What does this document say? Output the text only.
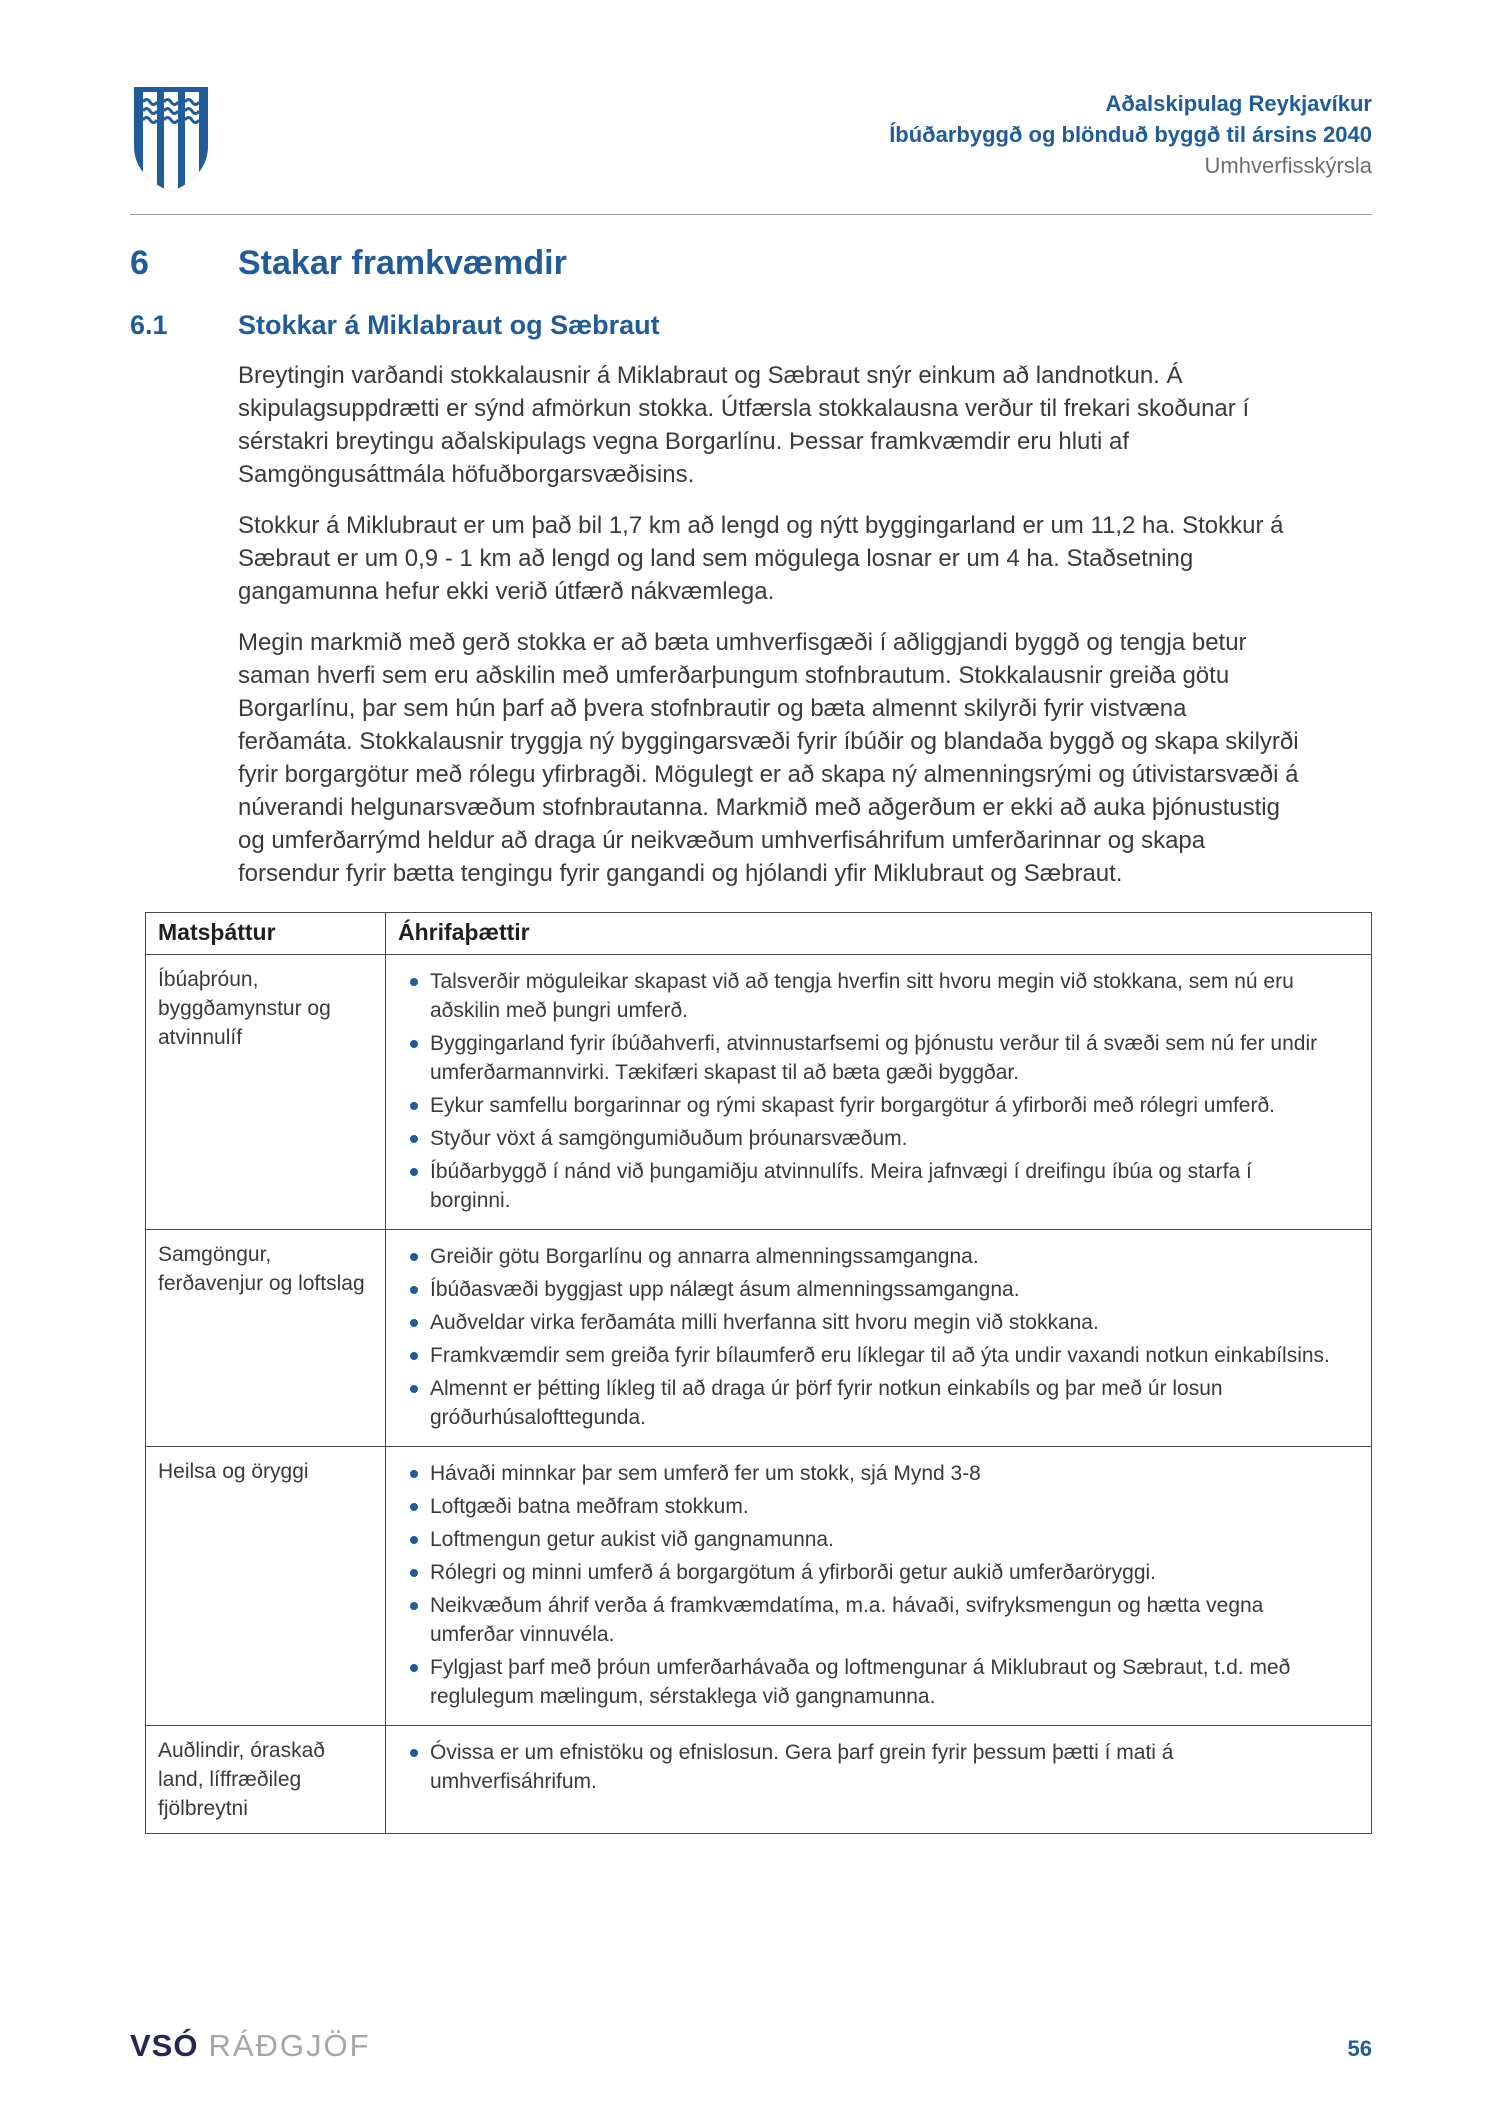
Aðalskipulag Reykjavíkur
Íbúðarbyggð og blönduð byggð til ársins 2040
Umhverfisskýrsla
6	Stakar framkvæmdir
6.1	Stokkar á Miklabraut og Sæbraut

Breytingin varðandi stokkalausnir á Miklabraut og Sæbraut snýr einkum að landnotkun. Á skipulagsuppdrætti er sýnd afmörkun stokka. Útfærsla stokkalausna verður til frekari skoðunar í sérstakri breytingu aðalskipulags vegna Borgarlínu. Þessar framkvæmdir eru hluti af Samgöngusáttmála höfuðborgarsvæðisins.

Stokkur á Miklubraut er um það bil 1,7 km að lengd og nýtt byggingarland er um 11,2 ha. Stokkur á Sæbraut er um 0,9 - 1 km að lengd og land sem mögulega losnar er um 4 ha. Staðsetning gangamunna hefur ekki verið útfærð nákvæmlega.

Megin markmið með gerð stokka er að bæta umhverfisgæði í aðliggjandi byggð og tengja betur saman hverfi sem eru aðskilin með umferðarþungum stofnbrautum. Stokkalausnir greiða götu Borgarlínu, þar sem hún þarf að þvera stofnbrautir og bæta almennt skilyrði fyrir vistvæna ferðamáta. Stokkalausnir tryggja ný byggingarsvæði fyrir íbúðir og blandaða byggð og skapa skilyrði fyrir borgargötur með rólegu yfirbragði. Mögulegt er að skapa ný almenningsrými og útivistarsvæði á núverandi helgunarsvæðum stofnbrautanna. Markmið með aðgerðum er ekki að auka þjónustustig og umferðarrýmd heldur að draga úr neikvæðum umhverfisáhrifum umferðarinnar og skapa forsendur fyrir bætta tengingu fyrir gangandi og hjólandi yfir Miklubraut og Sæbraut.

Matsþáttur	Áhrifaþættir
Íbúaþróun, byggðamynstur og atvinnulíf	Talsverðir möguleikar skapast við að tengja hverfin sitt hvoru megin við stokkana, sem nú eru aðskilin með þungri umferð.
Byggingarland fyrir íbúðahverfi, atvinnustarfsemi og þjónustu verður til á svæði sem nú fer undir umferðarmannvirki. Tækifæri skapast til að bæta gæði byggðar.
Eykur samfellu borgarinnar og rými skapast fyrir borgargötur á yfirborði með rólegri umferð.
Styður vöxt á samgöngumiðuðum þróunarsvæðum.
Íbúðarbyggð í nánd við þungamiðju atvinnulífs. Meira jafnvægi í dreifingu íbúa og starfa í borginni.

Samgöngur, ferðavenjur og loftslag	Greiðir götu Borgarlínu og annarra almenningssamgangna.
Íbúðasvæði byggjast upp nálægt ásum almenningssamgangna.
Auðveldar virka ferðamáta milli hverfanna sitt hvoru megin við stokkana.
Framkvæmdir sem greiða fyrir bílaumferð eru líklegar til að ýta undir vaxandi notkun einkabílsins.
Almennt er þétting líkleg til að draga úr þörf fyrir notkun einkabíls og þar með úr losun gróðurhúsalofttegunda.

Heilsa og öryggi	Hávaði minnkar þar sem umferð fer um stokk, sjá Mynd 3-8
Loftgæði batna meðfram stokkum.
Loftmengun getur aukist við gangnamunna.
Rólegri og minni umferð á borgargötum á yfirborði getur aukið umferðaröryggi.
Neikvæðum áhrif verða á framkvæmdatíma, m.a. hávaði, svifryksmengun og hætta vegna umferðar vinnuvéla.
Fylgjast þarf með þróun umferðarhávaða og loftmengunar á Miklubraut og Sæbraut, t.d. með reglulegum mælingum, sérstaklega við gangnamunna.

Auðlindir, óraskað land, líffræðileg fjölbreytni	Óvissa er um efnistöku og efnislosun. Gera þarf grein fyrir þessum þætti í mati á umhverfisáhrifum.
VSÓ RÁÐGJÖF	56
